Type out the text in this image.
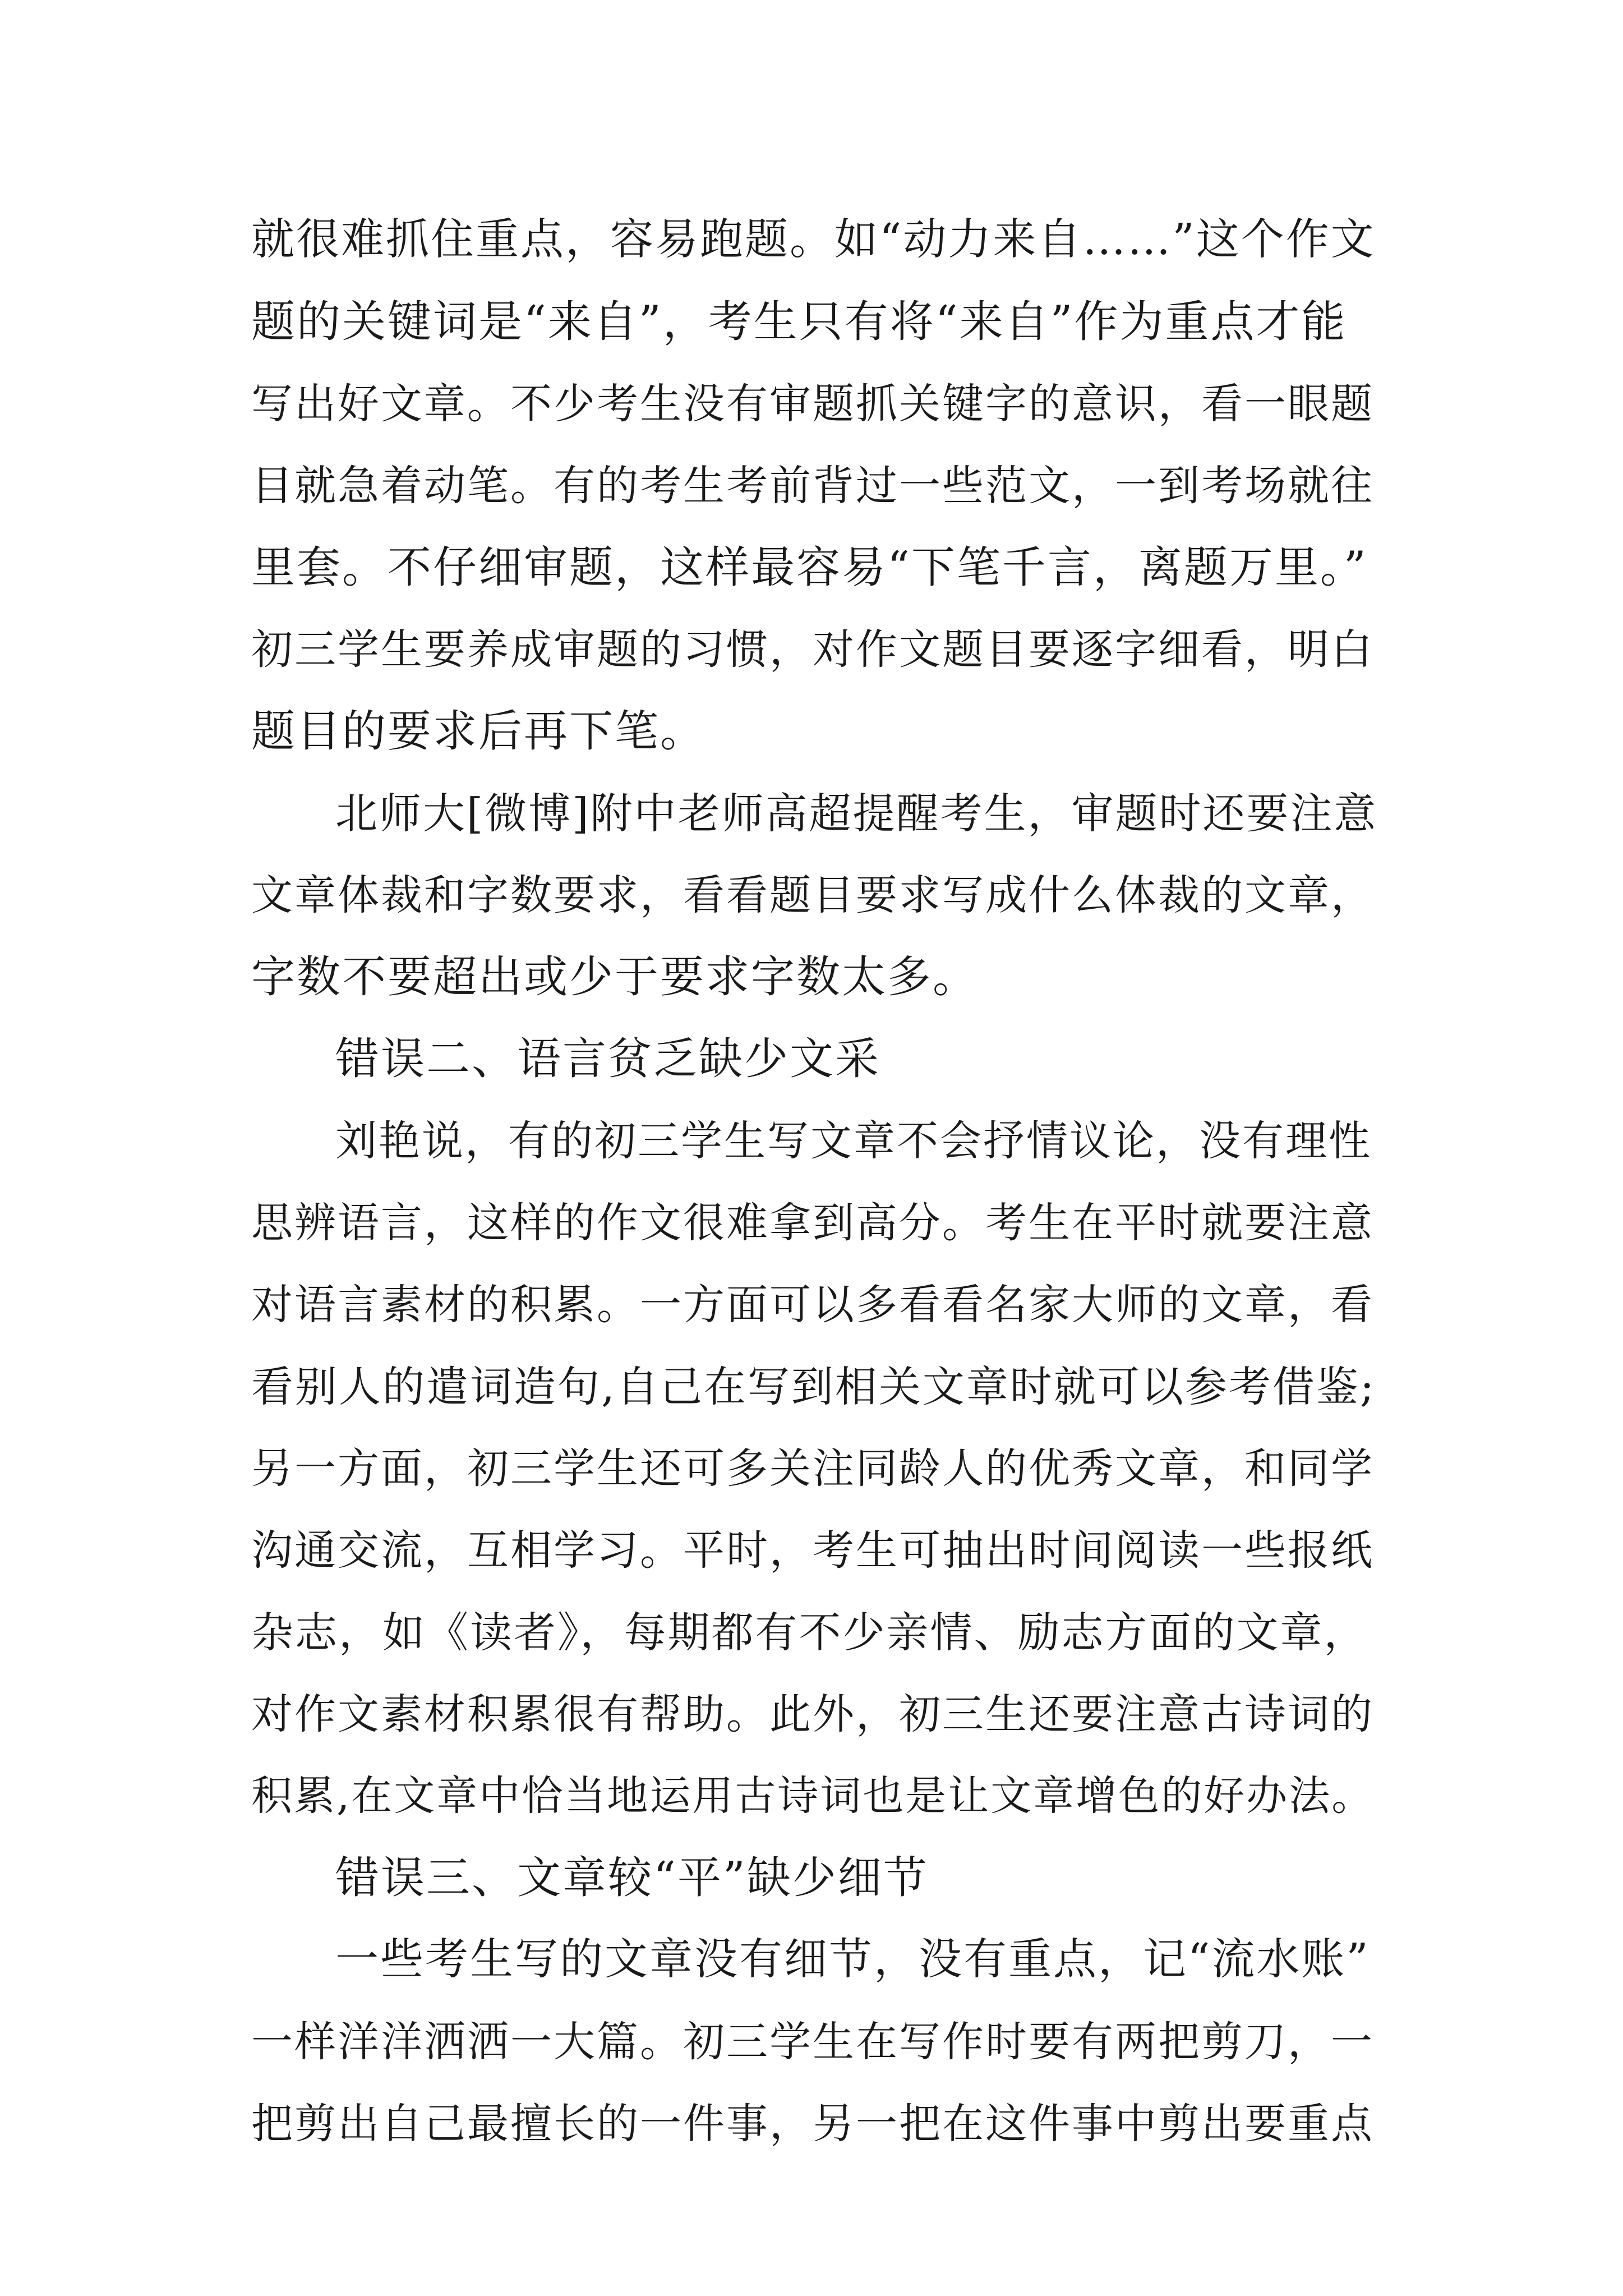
就很难抓住重点，容易跑题。如“动力来自……”这个作文
题的关键词是“来自”，考生只有将“来自”作为重点才能
写出好文章。不少考生没有审题抓关键字的意识，看一眼题
目就急着动笔。有的考生考前背过一些范文，一到考场就往
里套。不仔细审题，这样最容易“下笔千言，离题万里。”
初三学生要养成审题的习惯，对作文题目要逐字细看，明白
题目的要求后再下笔。
北师大[微博]附中老师高超提醒考生，审题时还要注意
文章体裁和字数要求，看看题目要求写成什么体裁的文章，
字数不要超出或少于要求字数太多。
错误二、语言贫乏缺少文采
刘艳说，有的初三学生写文章不会抒情议论，没有理性
思辨语言，这样的作文很难拿到高分。考生在平时就要注意
对语言素材的积累。一方面可以多看看名家大师的文章，看
看别人的遣词造句,自己在写到相关文章时就可以参考借鉴;
另一方面，初三学生还可多关注同龄人的优秀文章，和同学
沟通交流，互相学习。平时，考生可抽出时间阅读一些报纸
杂志，如《读者》，每期都有不少亲情、励志方面的文章，
对作文素材积累很有帮助。此外，初三生还要注意古诗词的
积累,在文章中恰当地运用古诗词也是让文章增色的好办法。
错误三、文章较“平”缺少细节
一些考生写的文章没有细节，没有重点，记“流水账”
一样洋洋洒洒一大篇。初三学生在写作时要有两把剪刀，一
把剪出自己最擅长的一件事，另一把在这件事中剪出要重点
